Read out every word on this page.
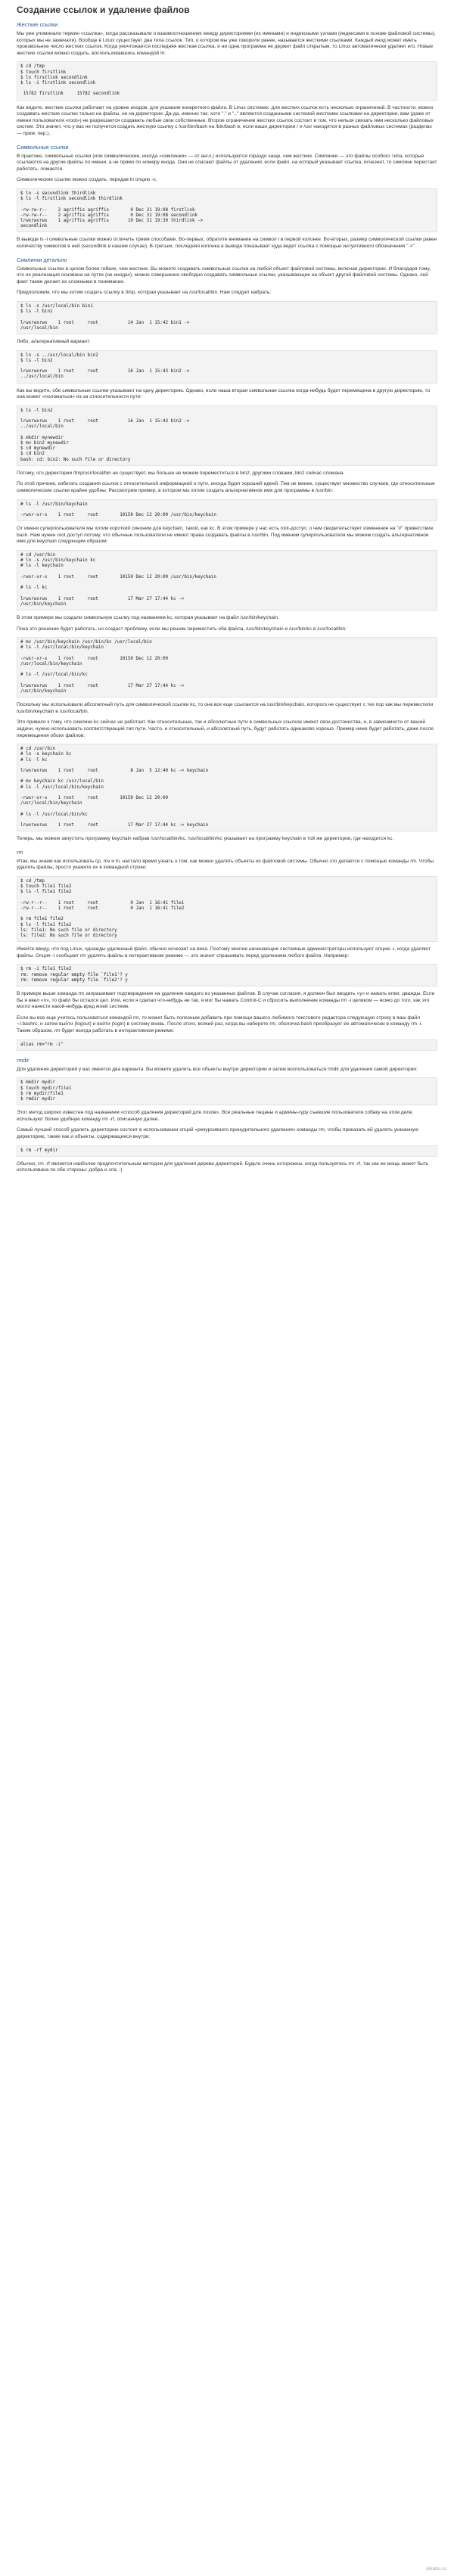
Создание ссылок и удаление файлов
Жесткие ссылки

Мы уже упоминали термин «ссылка», когда рассказывали о взаимоотношениях между директориями (их именами) и индексными узлами (индексами в основе файловой системы), которых мы не замечали). Вообще в Linux существует два типа ссылок. Тип, о котором мы уже говорили ранее, называется жесткими ссылками. Каждый инод может иметь произвольное число жестких ссылок. Когда уничтожается последняя жесткая ссылка, и ни одна программа не держит файл открытым, то Linux автоматически удаляет его. Новые жесткие ссылки можно создать, воспользовавшись командой ln:

$ cd /tmp
$ touch firstlink
$ ln firstlink secondlink
$ ls -i firstlink secondlink

15782 firstlink     15782 secondlink

Как видите, жесткие ссылки работают на уровне инодов, для указания конкретного файла. В Linux системах, для жестких ссылок есть несколько ограничений. В частности, можно создавать жесткие ссылки только на файлы, не на директории. Да-да, именно так; хотя "." и ".." являются созданными системой жесткими ссылками на директории, вам (даже от имени пользователя «root») не разрешается создавать любые свои собственные. Второе ограничение жестких ссылок состоит в том, что нельзя связать ими несколько файловых систем. Это значит, что у вас не получится создать жесткую ссылку с /usr/bin/bash на /bin/bash в, если ваши директории / и /usr находятся в разных файловых системах (разделах — прим. пер.).

Символьные ссылки

В практике, символьные ссылки (или символические, иногда «симлинки» — от англ.) используются гораздо чаще, чем жесткие. Симлинки — это файлы особого типа, которые ссылаются на другие файлы по имени, а не прямо по номеру инода. Они не спасают файлы от удаления; если файл, на который указывает ссылка, исчезнет, то симлинк перестает работать, ломается.

Символические ссылки можно создать, передав ln опцию -s.

$ ln -s secondlink thirdlink
$ ls -l firstlink secondlink thirdlink

-rw-rw-r--    2 agriffis agriffis        0 Dec 31 19:08 firstlink
-rw-rw-r--    2 agriffis agriffis        0 Dec 31 19:08 secondlink
lrwxrwxrwx    1 agriffis agriffis       10 Dec 31 19:39 thirdlink ->
secondlink

В выводе ls -l символьные ссылки можно отличить тремя способами. Во-первых, обратите внимание на символ l в первой колонке. Во-вторых, размер символической ссылки равен количеству символов в ней (secondlink в нашем случае). В-третьих, последняя колонка в выводе показывает куда ведет ссылка с помощью интуитивного обозначения "->".

Симлинки детально

Символьные ссылки в целом более гибкие, чем жесткие. Вы можете создавать символьные ссылки на любой объект файловой системы, включая директории. И благодаря тому, что их реализация основана на путях (не инодах), можно совершенно свободно создавать символьные ссылки, указывающие на объект другой файловой системы. Однако, сей факт также делает их сложными в понимании.

Предположим, что мы хотим создать ссылку в /tmp, которая указывает на /usr/local/bin. Нам следует набрать:

$ ln -s /usr/local/bin bin1
$ ls -l bin1

lrwxrwxrwx    1 root     root           14 Jan  1 15:42 bin1 ->
/usr/local/bin

Либо, альтернативный вариант:

$ ln -s ../usr/local/bin bin2
$ ls -l bin2

lrwxrwxrwx    1 root     root           16 Jan  1 15:43 bin2 ->
../usr/local/bin

Как вы видите, обе символьные ссылки указывают на одну директорию. Однако, если наша вторая символьная ссылка когда-нибудь будет перемещена в другую директорию, то она может «поломаться» из-за относительности пути:

$ ls -l bin2

lrwxrwxrwx    1 root     root           16 Jan  1 15:43 bin2 ->
../usr/local/bin

$ mkdir mynewdir
$ mv bin2 mynewdir
$ cd mynewdir
$ cd bin2
bash: cd: bin2: No such file or directory

Потому, что директории /tmp/usr/local/bin не существует, мы больше не можем переместиться в bin2; другими словами, bin2 сейчас сломана.

По этой причине, избегать создания ссылок с относительной информацией о пути, иногда будет хорошей идеей. Тем не менее, существует множество случаев, где относительные символические ссылки крайне удобны. Рассмотрим пример, в котором мы хотим создать альтернативное имя для программы в /usr/bin:

# ls -l /usr/bin/keychain

-rwxr-xr-x    1 root     root        10150 Dec 12 20:09 /usr/bin/keychain

От имени суперпользователя мы хотим короткий синоним для keychain, такой, как kc. В этом примере у нас есть root-доступ, о чем свидетельствует изменение на "#" приветствие bash. Нам нужен root доступ потому, что обычные пользователи не имеют права создавать файлы в /usr/bin. Под именем суперпользователя мы можем создать альтернативное имя для keychain следующим образом:

# cd /usr/bin
# ln -s /usr/bin/keychain kc
# ls -l keychain

-rwxr-xr-x    1 root     root        10150 Dec 12 20:09 /usr/bin/keychain

# ls -l kc

lrwxrwxrwx    1 root     root           17 Mar 27 17:44 kc ->
/usr/bin/keychain

В этом примере мы создали символьную ссылку под названием kc, которая указывает на файл /usr/bin/keychain.

Пока это решение будет работать, но создаст проблему, если мы решим переместить оба файла, /usr/bin/keychain и /usr/bin/kc в /usr/local/bin:

# mv /usr/bin/keychain /usr/bin/kc /usr/local/bin
# ls -l /usr/local/bin/keychain

-rwxr-xr-x    1 root     root        10150 Dec 12 20:09
/usr/local/bin/keychain

# ls -l /usr/local/bin/kc

lrwxrwxrwx    1 root     root           17 Mar 27 17:44 kc ->
/usr/bin/keychain

Поскольку мы использовали абсолютный путь для символической ссылки kc, то она все еще ссылается на /usr/bin/keychain, которого не существует с тех пор как мы переместили /usr/bin/keychain в /usr/local/bin.

Это привело к тому, что симлинк kc сейчас не работает. Как относительные, так и абсолютные пути в символьных ссылках имеют свои достоинства, и, в зависимости от вашей задачи, нужно использовать соответствующий тип пути. Часто, и относительный, и абсолютный путь, будут работать одинаково хорошо. Пример ниже будет работать, даже после перемещения обоих файлов:

# cd /usr/bin
# ln -s keychain kc
# ls -l kc

lrwxrwxrwx    1 root     root            8 Jan  5 12:40 kc -> keychain

# mv keychain kc /usr/local/bin
# ls -l /usr/local/bin/keychain

-rwxr-xr-x    1 root     root        10150 Dec 12 20:09
/usr/local/bin/keychain

# ls -l /usr/local/bin/kc

lrwxrwxrwx    1 root     root           17 Mar 27 17:44 kc -> keychain

Теперь, мы можем запустить программу keychain набрав /usr/local/bin/kc. /usr/local/bin/kc указывает на программу keychain в той же директории, где находится kc.

rm

Итак, мы знаем как использовать cp, mv и ln, настало время узнать о том, как можно удалять объекты из файловой системы. Обычно это делается с помощью команды rm. Чтобы удалять файлы, просто укажите их в командной строке:

$ cd /tmp
$ touch file1 file2
$ ls -l file1 file2

-rw-r--r--    1 root     root            0 Jan  1 16:41 file1
-rw-r--r--    1 root     root            0 Jan  1 16:41 file2

$ rm file1 file2
$ ls -l file1 file2
ls: file1: No such file or directory
ls: file2: No such file or directory

Имейте ввиду, что под Linux, однажды удаленный файл, обычно исчезает на века. Поэтому многие начинающие системные администраторы используют опцию -i, когда удаляют файлы. Опция -i сообщает rm удалять файлы в интерактивном режиме — это значит спрашивать перед удалением любого файла. Например:

$ rm -i file1 file2
rm: remove regular empty file `file1'? y
rm: remove regular empty file `file2'? y

В примере выше команда rm запрашивает подтверждение на удаление каждого из указанных файлов. В случае согласия, я должен был вводить «y» и нажать enter, дважды. Если бы я ввел «n», то файл бы остался цел. Или, если я сделал что-нибудь не так, я мог бы нажать Control-C и сбросить выполнение команды rm -i целиком — всяко до того, как это могло нанести какой-нибудь вред моей системе.

Если вы все еще учитесь пользоваться командой rm, то может быть полезным добавить при помощи вашего любимого текстового редактора следующую строку в ваш файл ~/.bashrc, и затем выйти (logout) и войти (login) в систему вновь. После этого, всякий раз, когда вы наберете rm, оболочка bash преобразует ее автоматически в команду rm -i. Таким образом, rm будет всегда работать в интерактивном режиме:

alias rm="rm -i"
rmdir

Для удаления директорий у вас имеется два варианта. Вы можете удалить все объекты внутри директории и затем воспользоваться rmdir для удаления самой директории:

$ mkdir mydir
$ touch mydir/file1
$ rm mydir/file1
$ rmdir mydir

Этот метод широко известен под названием «способ удаления директорий для лохов». Все реальные пацаны и админы-гуру съевшие пользователя собаку на этом деле, используют более удобную команду rm -rf, описанную далее.

Самый лучший способ удалить директорию состоит в использовании опций «рекурсивного принудительного удаления» команды rm, чтобы приказать ей удалять указанную директорию, также как и объекты, содержащиеся внутри:

$ rm -rf mydir

Обычно, rm -rf является наиболее предпочтительным методом для удаления дерева директорий. Будьте очень осторожны, когда пользуетесь rm -rf, так как ее мощь может быть использована по обе стороны: добра и зла. :)

pikabu.ru
